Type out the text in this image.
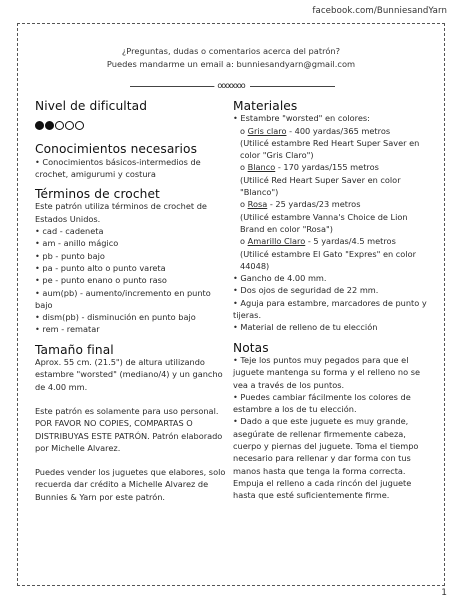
facebook.com/BunniesandYarn
¿Preguntas, dudas o comentarios acerca del patrón?
Puedes mandarme un email a: bunniesandyarn@gmail.com
ooooooo
Nivel de dificultad
Conocimientos necesarios
• Conocimientos básicos-intermedios de crochet, amigurumi y costura
Términos de crochet
Este patrón utiliza términos de crochet de Estados Unidos.
• cad - cadeneta
• am - anillo mágico
• pb - punto bajo
• pa - punto alto o punto vareta
• pe - punto enano o punto raso
• aum(pb) - aumento/incremento en punto bajo
• dism(pb) - disminución en punto bajo
• rem - rematar
Tamaño final
Aprox. 55 cm. (21.5") de altura utilizando estambre "worsted" (mediano/4) y un gancho de 4.00 mm.
Este patrón es solamente para uso personal. POR FAVOR NO COPIES, COMPARTAS O DISTRIBUYAS ESTE PATRÓN. Patrón elaborado por Michelle Alvarez.
Puedes vender los juguetes que elabores, solo recuerda dar crédito a Michelle Alvarez de Bunnies & Yarn por este patrón.
Materiales
• Estambre "worsted" en colores:
o Gris claro - 400 yardas/365 metros
(Utilicé estambre Red Heart Super Saver en color "Gris Claro")
o Blanco - 170 yardas/155 metros
(Utilicé Red Heart Super Saver en color "Blanco")
o Rosa - 25 yardas/23 metros
(Utilicé estambre Vanna's Choice de Lion Brand en color "Rosa")
o Amarillo Claro - 5 yardas/4.5 metros
(Utilicé estambre El Gato "Expres" en color 44048)
• Gancho de 4.00 mm.
• Dos ojos de seguridad de 22 mm.
• Aguja para estambre, marcadores de punto y tijeras.
• Material de relleno de tu elección
Notas
• Teje los puntos muy pegados para que el juguete mantenga su forma y el relleno no se vea a través de los puntos.
• Puedes cambiar fácilmente los colores de estambre a los de tu elección.
• Dado a que este juguete es muy grande, asegúrate de rellenar firmemente cabeza, cuerpo y piernas del juguete. Toma el tiempo necesario para rellenar y dar forma con tus manos hasta que tenga la forma correcta. Empuja el relleno a cada rincón del juguete hasta que esté suficientemente firme.
1
